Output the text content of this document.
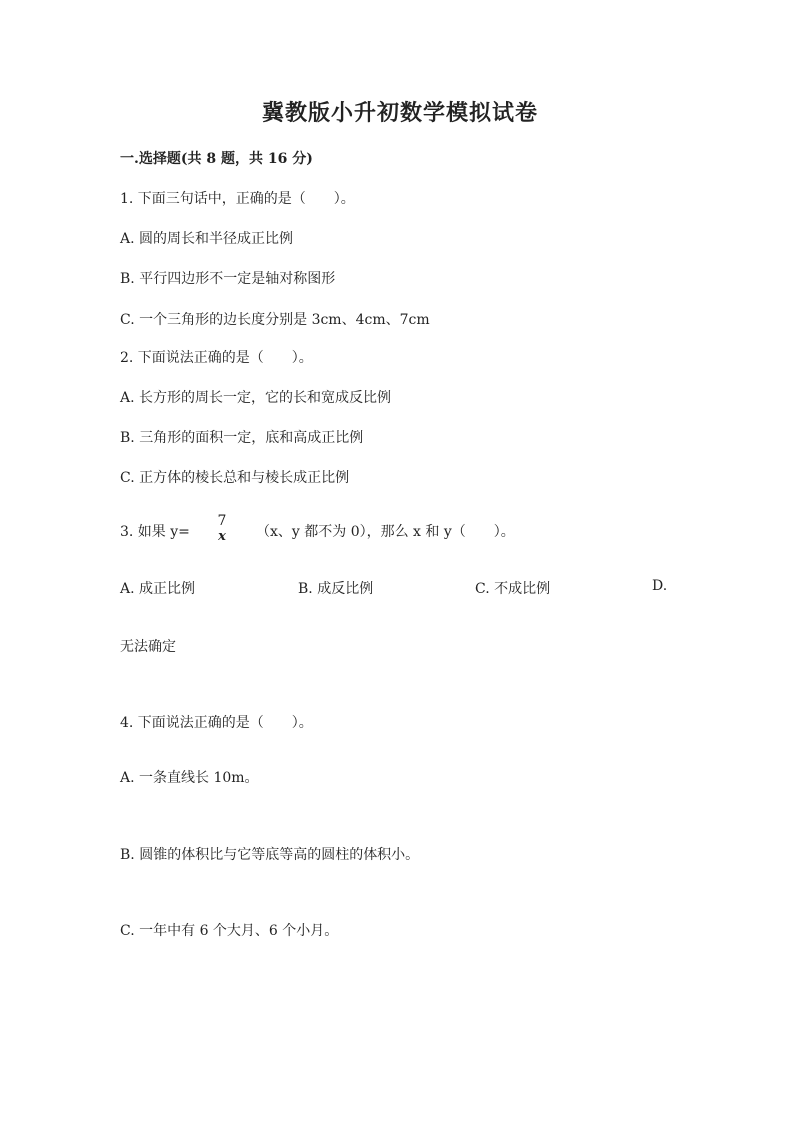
冀教版小升初数学模拟试卷
一.选择题(共 8 题，共 16 分)
1. 下面三句话中，正确的是（　　）。
A. 圆的周长和半径成正比例
B. 平行四边形不一定是轴对称图形
C. 一个三角形的边长度分别是 3cm、4cm、7cm
2. 下面说法正确的是（　　）。
A. 长方形的周长一定，它的长和宽成反比例
B. 三角形的面积一定，底和高成正比例
C. 正方体的棱长总和与棱长成正比例
3. 如果 y=
7
x	（x、y 都不为 0），那么 x 和 y（　　）。
A. 成正比例	B. 成反比例	C. 不成比例	D.
无法确定
4. 下面说法正确的是（　　）。
A. 一条直线长 10m。
B. 圆锥的体积比与它等底等高的圆柱的体积小。
C. 一年中有 6 个大月、6 个小月。
